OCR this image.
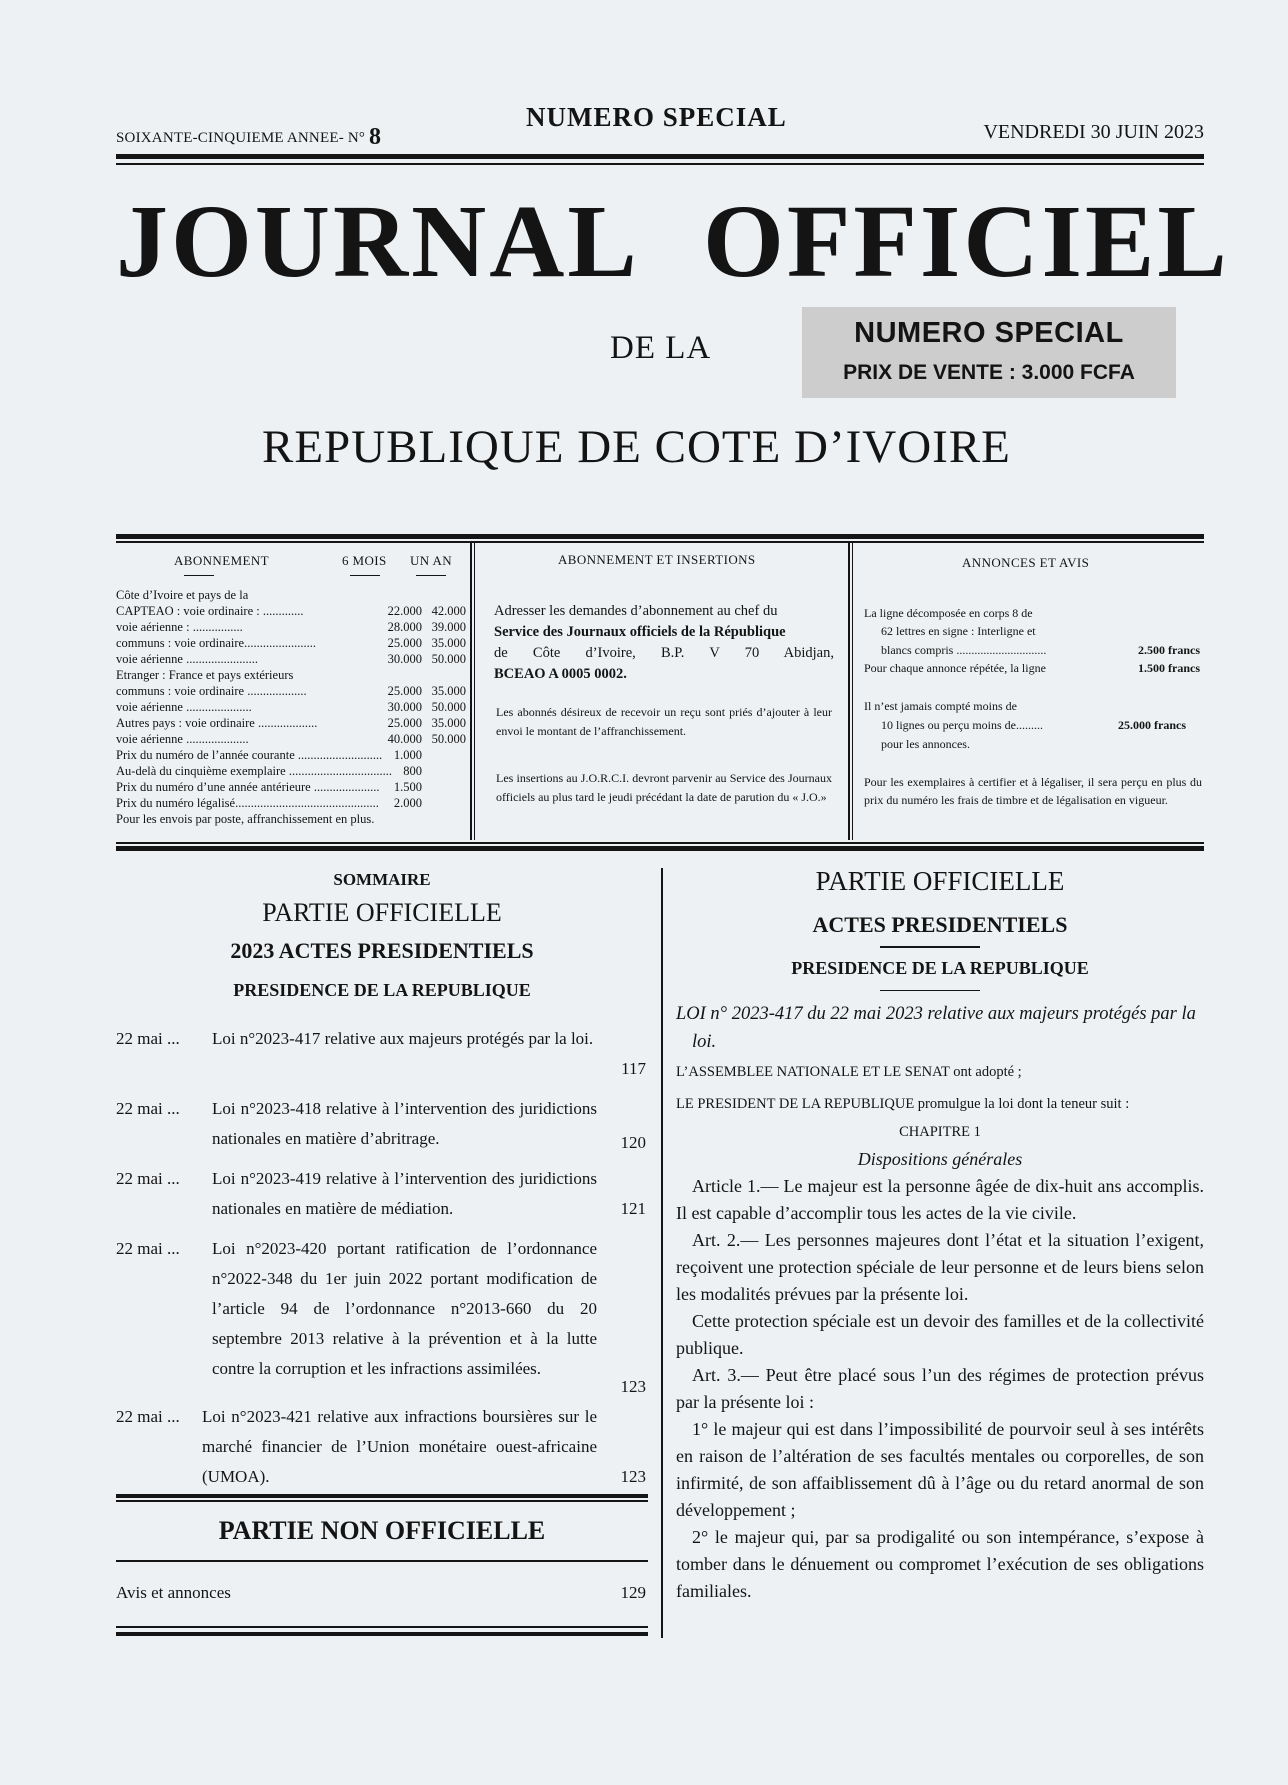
SOIXANTE-CINQUIEME ANNEE- N° 8
NUMERO SPECIAL	VENDREDI 30 JUIN 2023
JOURNAL OFFICIEL
DE LA	NUMERO SPECIAL
PRIX DE VENTE : 3.000 FCFA
REPUBLIQUE DE COTE D’IVOIRE
ABONNEMENT	6 MOIS UN AN
Côte d’Ivoire et pays de la
CAPTEAO : voie ordinaire : .............	22.000 42.000
voie aérienne : ................	28.000 39.000
communs : voie ordinaire.......................	25.000 35.000
voie aérienne .......................	30.000 50.000
Etranger : France et pays extérieurs
communs : voie ordinaire ...................	25.000 35.000
voie aérienne .....................	30.000 50.000
Autres pays : voie ordinaire ...................	25.000 35.000
voie aérienne ....................	40.000 50.000
Prix du numéro de l’année courante ........................... 1.000
Au-delà du cinquième exemplaire ................................. 800
Prix du numéro d’une année antérieure .....................	1.500
Prix du numéro légalisé..............................................	2.000
Pour les envois par poste, affranchissement en plus.
ABONNEMENT ET INSERTIONS
Adresser les demandes d’abonnement au chef du
Service des Journaux officiels de la République
de Côte d’Ivoire, B.P. V 70 Abidjan,
BCEAO A 0005 0002.
Les abonnés désireux de recevoir un reçu sont priés d’ajouter à leur envoi le montant de l’affranchissement.
Les insertions au J.O.R.C.I. devront parvenir au Service des Journaux officiels au plus tard le jeudi précédant la date de parution du « J.O.»
ANNONCES ET AVIS
La ligne décomposée en corps 8 de
62 lettres en signe : Interligne et
blancs compris ..............................	2.500 francs
Pour chaque annonce répétée, la ligne	1.500 francs
Il n’est jamais compté moins de
10 lignes ou perçu moins de.........	25.000 francs
pour les annonces.
Pour les exemplaires à certifier et à légaliser, il sera perçu en plus du prix du numéro les frais de timbre et de légalisation en vigueur.
SOMMAIRE
PARTIE OFFICIELLE
2023 ACTES PRESIDENTIELS
PRESIDENCE DE LA REPUBLIQUE
22 mai ... Loi n°2023-417 relative aux majeurs protégés par la loi.
117
22 mai ... Loi n°2023-418 relative à l’intervention des juridictions nationales en matière d’abritrage.	120
22 mai ... Loi n°2023-419 relative à l’intervention des juridictions nationales en matière de médiation.	121
22 mai ... Loi n°2023-420 portant ratification de l’ordonnance n°2022-348 du 1er juin 2022 portant modification de l’article 94 de l’ordonnance n°2013-660 du 20 septembre 2013 relative à la prévention et à la lutte contre la corruption et les infractions assimilées.
123
22 mai ... Loi n°2023-421 relative aux infractions boursières sur le marché financier de l’Union monétaire ouest-africaine (UMOA).	123
PARTIE NON OFFICIELLE
Avis et annonces	129
PARTIE OFFICIELLE
ACTES PRESIDENTIELS
PRESIDENCE DE LA REPUBLIQUE
LOI n° 2023-417 du 22 mai 2023 relative aux majeurs protégés par la loi.
L’ASSEMBLEE NATIONALE ET LE SENAT ont adopté ;
LE PRESIDENT DE LA REPUBLIQUE promulgue la loi dont la teneur suit :
CHAPITRE 1
Dispositions générales
Article 1.— Le majeur est la personne âgée de dix-huit ans accomplis. Il est capable d’accomplir tous les actes de la vie civile.
Art. 2.— Les personnes majeures dont l’état et la situation l’exigent, reçoivent une protection spéciale de leur personne et de leurs biens selon les modalités prévues par la présente loi.
Cette protection spéciale est un devoir des familles et de la collectivité publique.
Art. 3.— Peut être placé sous l’un des régimes de protection prévus par la présente loi :
1° le majeur qui est dans l’impossibilité de pourvoir seul à ses intérêts en raison de l’altération de ses facultés mentales ou corporelles, de son infirmité, de son affaiblissement dû à l’âge ou du retard anormal de son développement ;
2° le majeur qui, par sa prodigalité ou son intempérance, s’expose à tomber dans le dénuement ou compromet l’exécution de ses obligations familiales.
